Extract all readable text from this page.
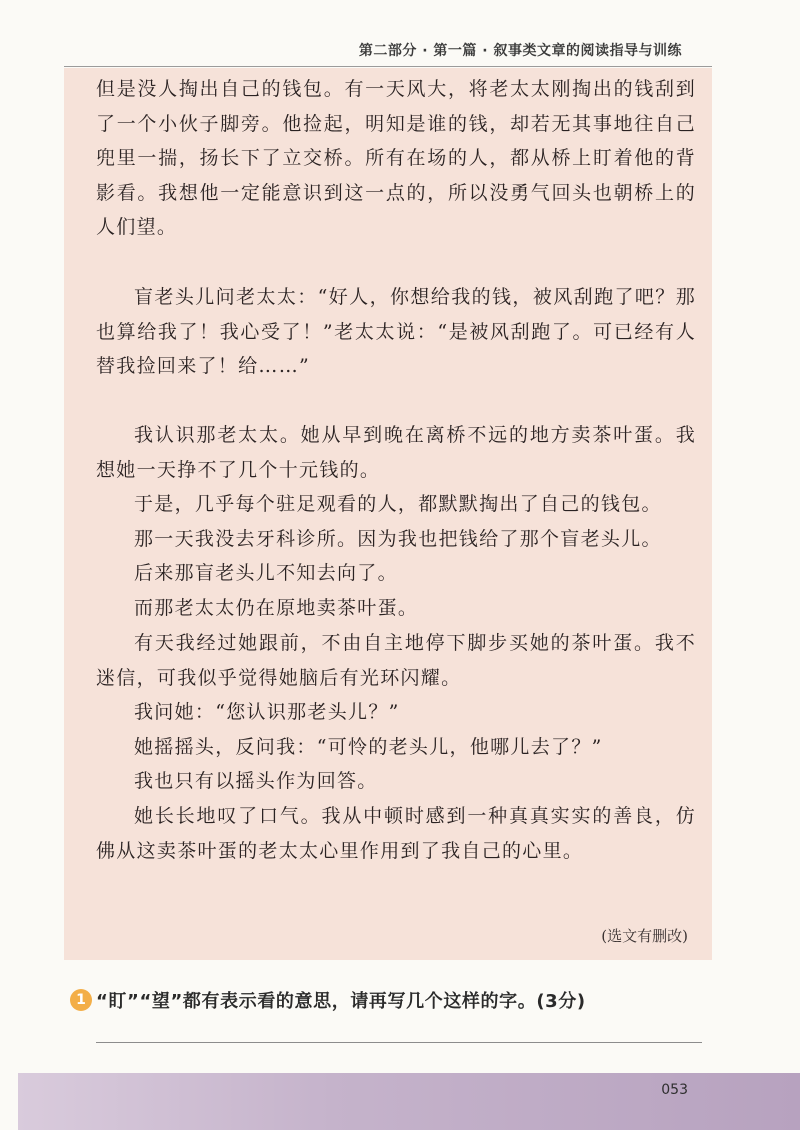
第二部分 · 第一篇 · 叙事类文章的阅读指导与训练

但是没人掏出自己的钱包。有一天风大，将老太太刚掏出的钱刮到了一个小伙子脚旁。他捡起，明知是谁的钱，却若无其事地往自己兜里一揣，扬长下了立交桥。所有在场的人，都从桥上盯着他的背影看。我想他一定能意识到这一点的，所以没勇气回头也朝桥上的人们望。

盲老头儿问老太太：“好人，你想给我的钱，被风刮跑了吧？那也算给我了！我心受了！”老太太说：“是被风刮跑了。可已经有人替我捡回来了！给……”

我认识那老太太。她从早到晚在离桥不远的地方卖茶叶蛋。我想她一天挣不了几个十元钱的。

于是，几乎每个驻足观看的人，都默默掏出了自己的钱包。

那一天我没去牙科诊所。因为我也把钱给了那个盲老头儿。

后来那盲老头儿不知去向了。

而那老太太仍在原地卖茶叶蛋。

有天我经过她跟前，不由自主地停下脚步买她的茶叶蛋。我不迷信，可我似乎觉得她脑后有光环闪耀。

我问她：“您认识那老头儿？”

她摇摇头，反问我：“可怜的老头儿，他哪儿去了？”

我也只有以摇头作为回答。

她长长地叹了口气。我从中顿时感到一种真真实实的善良，仿佛从这卖茶叶蛋的老太太心里作用到了我自己的心里。

(选文有删改)
1 “盯”“望”都有表示看的意思，请再写几个这样的字。(3分)
053
